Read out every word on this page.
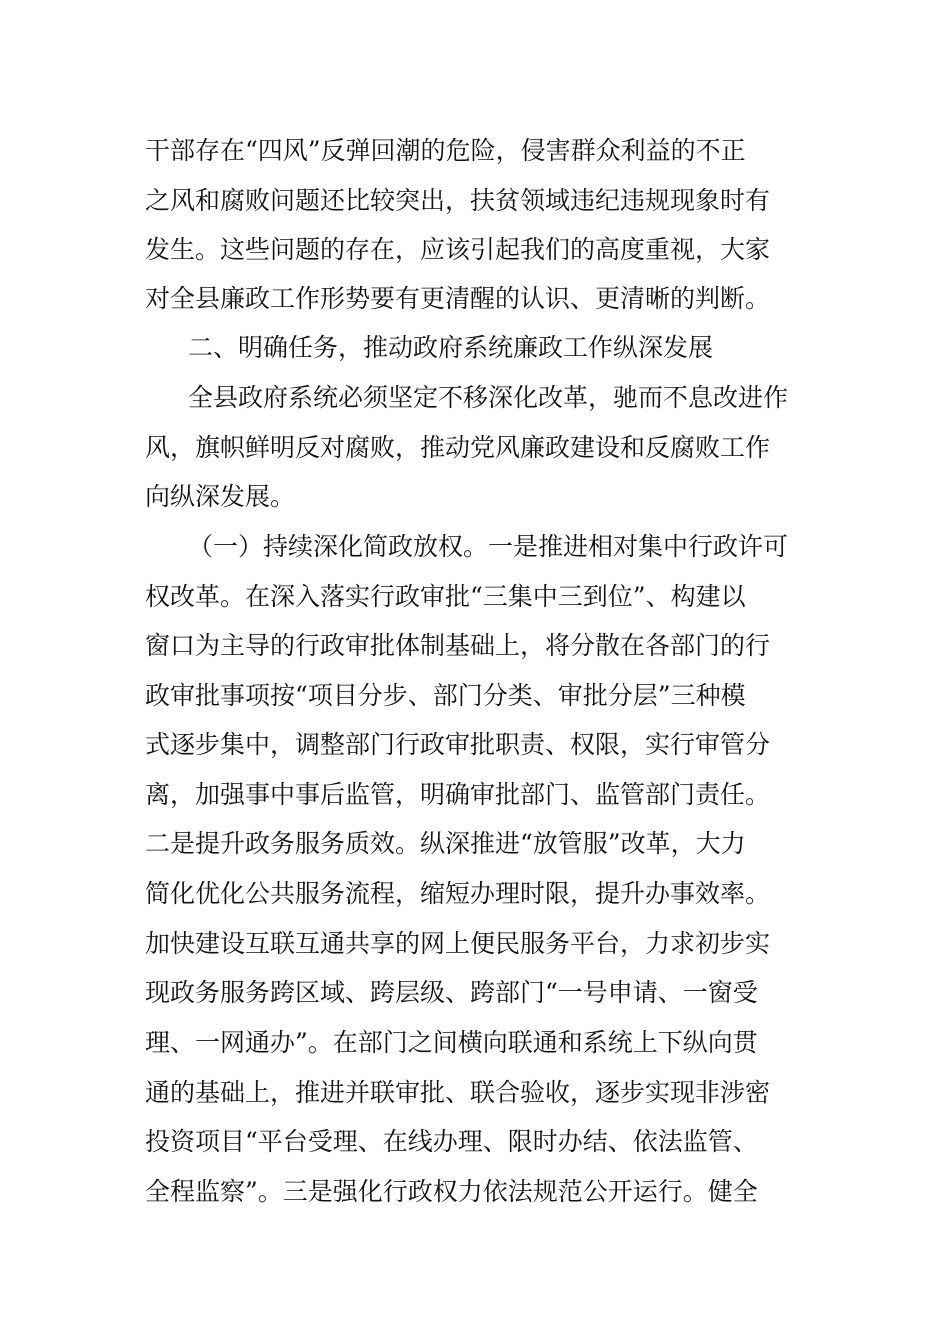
干部存在“四风”反弹回潮的危险，侵害群众利益的不正

之风和腐败问题还比较突出，扶贫领域违纪违规现象时有

发生。这些问题的存在，应该引起我们的高度重视，大家

对全县廉政工作形势要有更清醒的认识、更清晰的判断。

二、明确任务，推动政府系统廉政工作纵深发展

全县政府系统必须坚定不移深化改革，驰而不息改进作

风，旗帜鲜明反对腐败，推动党风廉政建设和反腐败工作

向纵深发展。

（一）持续深化简政放权。一是推进相对集中行政许可

权改革。在深入落实行政审批“三集中三到位”、构建以

窗口为主导的行政审批体制基础上，将分散在各部门的行

政审批事项按“项目分步、部门分类、审批分层”三种模

式逐步集中，调整部门行政审批职责、权限，实行审管分

离，加强事中事后监管，明确审批部门、监管部门责任。

二是提升政务服务质效。纵深推进“放管服”改革，大力

简化优化公共服务流程，缩短办理时限，提升办事效率。

加快建设互联互通共享的网上便民服务平台，力求初步实

现政务服务跨区域、跨层级、跨部门“一号申请、一窗受

理、一网通办”。在部门之间横向联通和系统上下纵向贯

通的基础上，推进并联审批、联合验收，逐步实现非涉密

投资项目“平台受理、在线办理、限时办结、依法监管、

全程监察”。三是强化行政权力依法规范公开运行。健全
